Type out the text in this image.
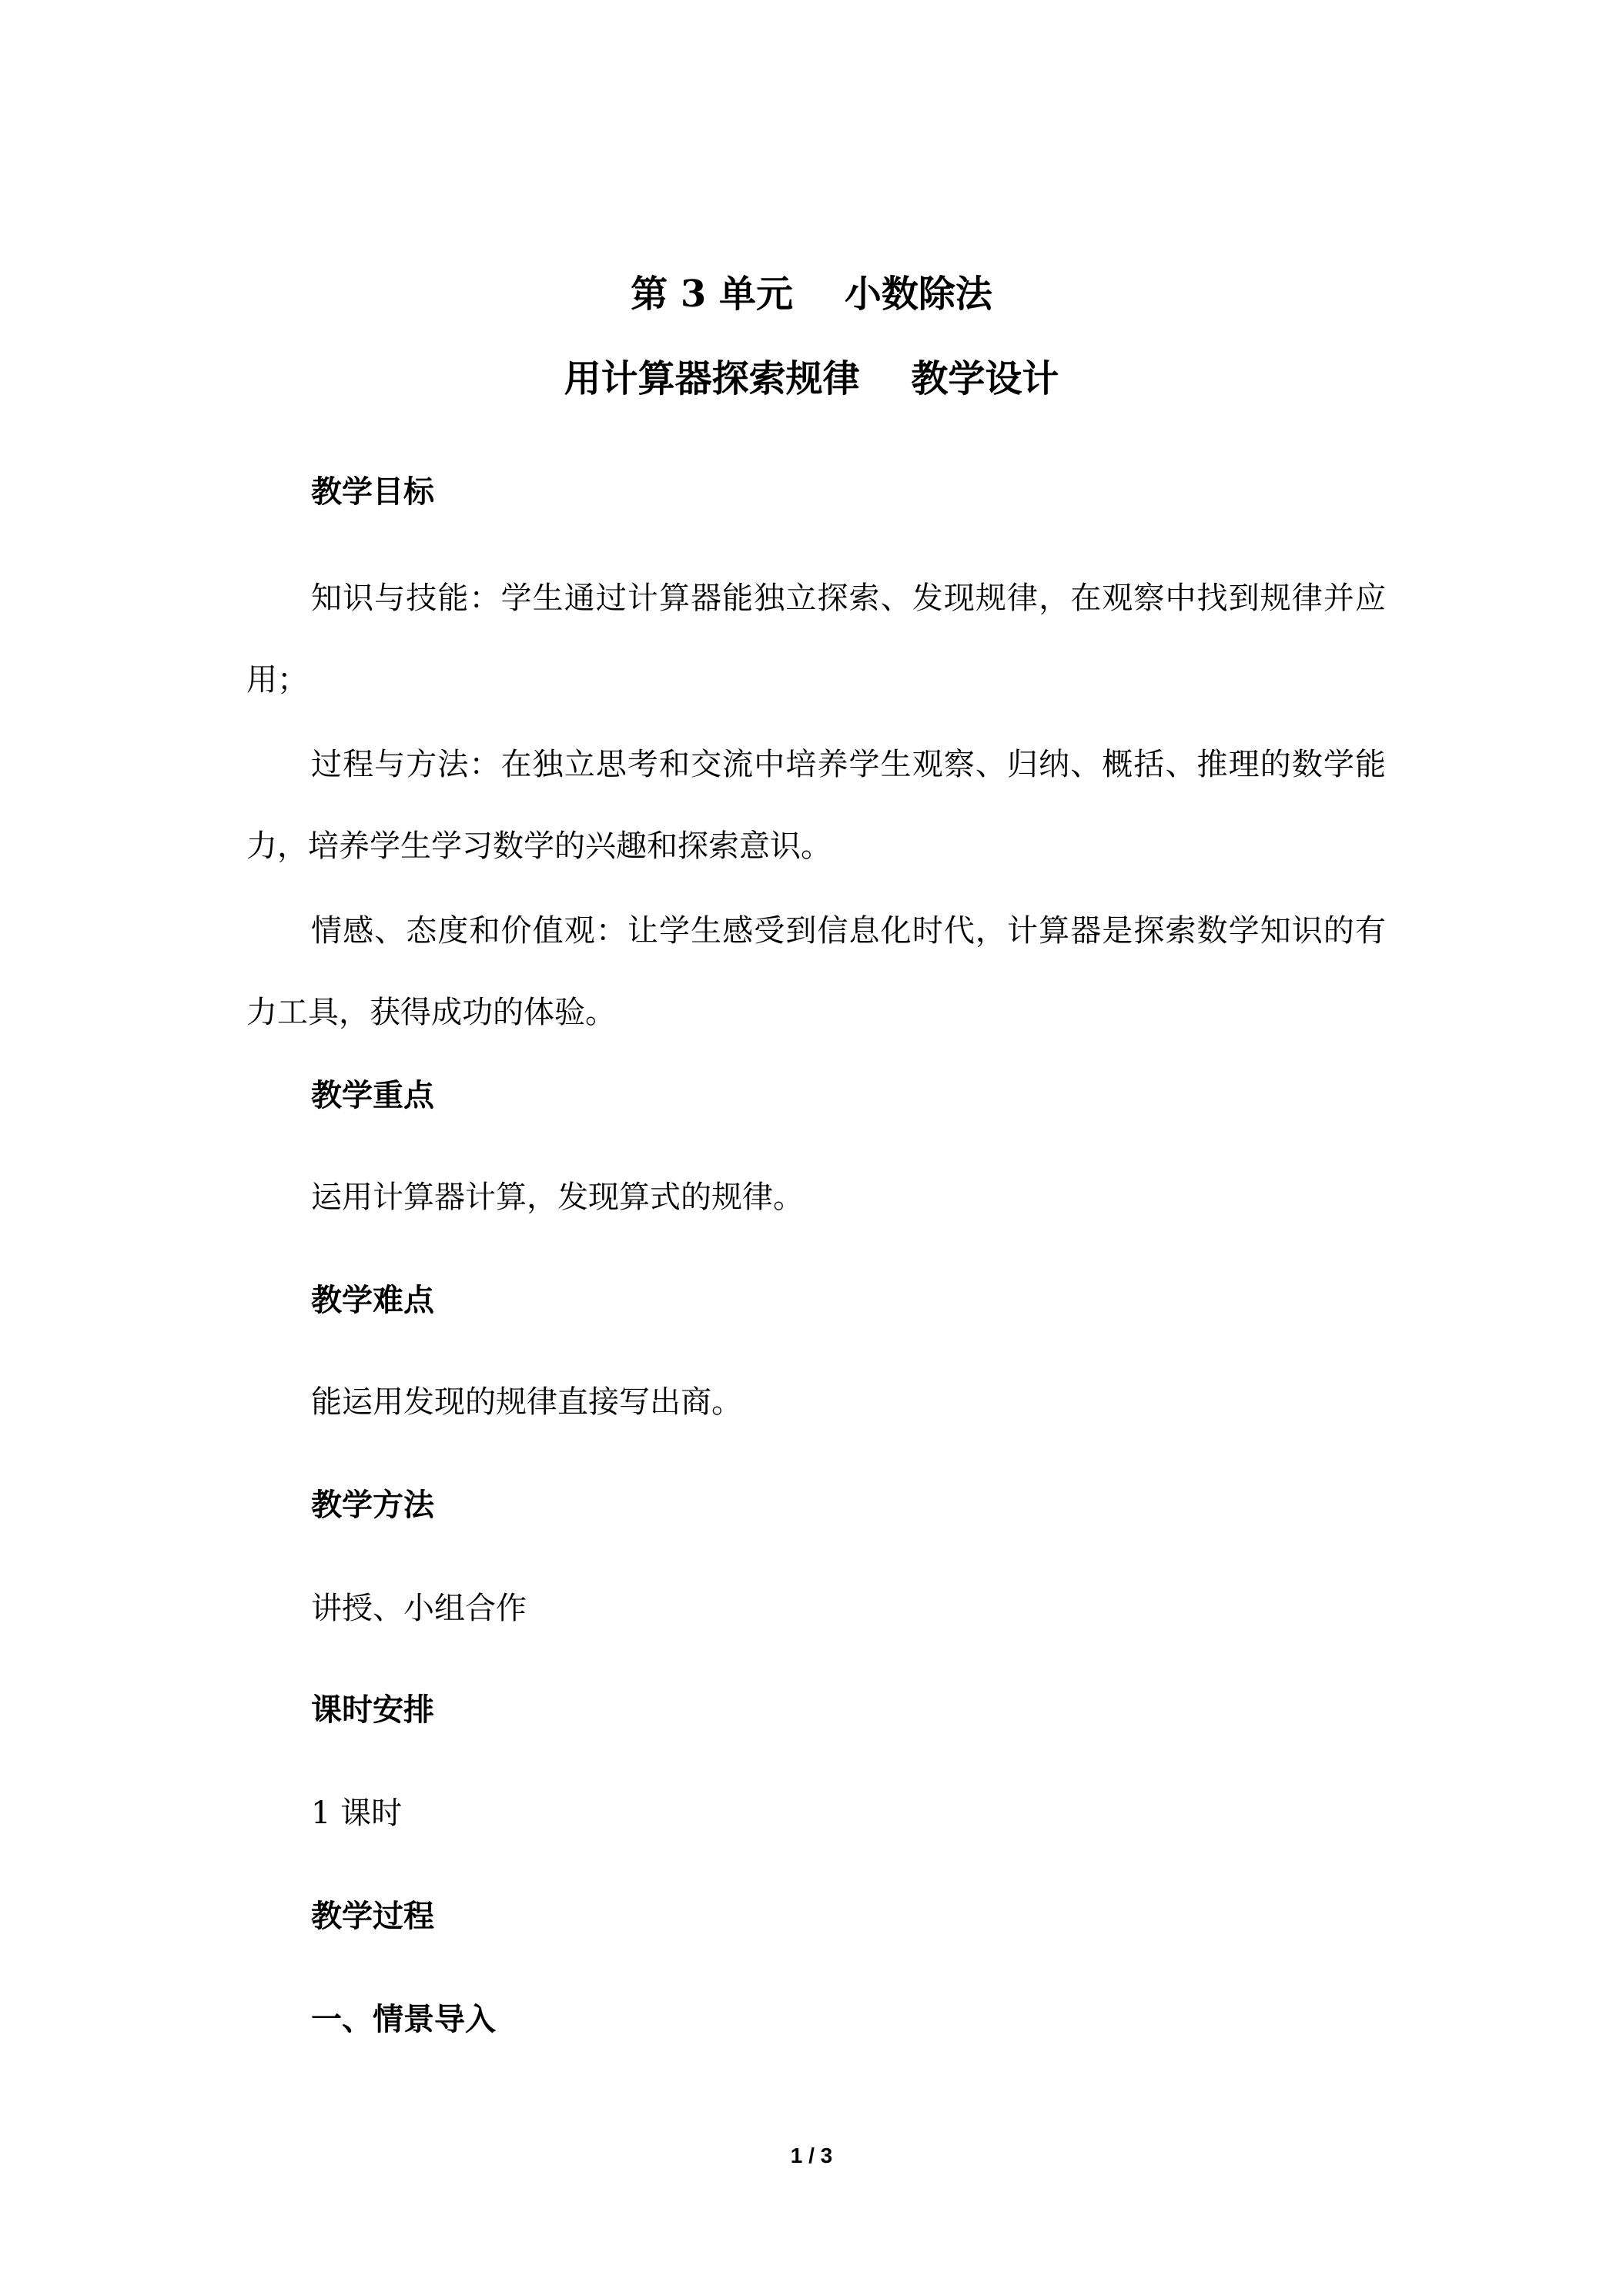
第 3 单元    小数除法
用计算器探索规律    教学设计
教学目标
知识与技能：学生通过计算器能独立探索、发现规律，在观察中找到规律并应用；
过程与方法：在独立思考和交流中培养学生观察、归纳、概括、推理的数学能力，培养学生学习数学的兴趣和探索意识。
情感、态度和价值观：让学生感受到信息化时代，计算器是探索数学知识的有力工具，获得成功的体验。
教学重点
运用计算器计算，发现算式的规律。
教学难点
能运用发现的规律直接写出商。
教学方法
讲授、小组合作
课时安排
1 课时
教学过程
一、情景导入
1 / 3
